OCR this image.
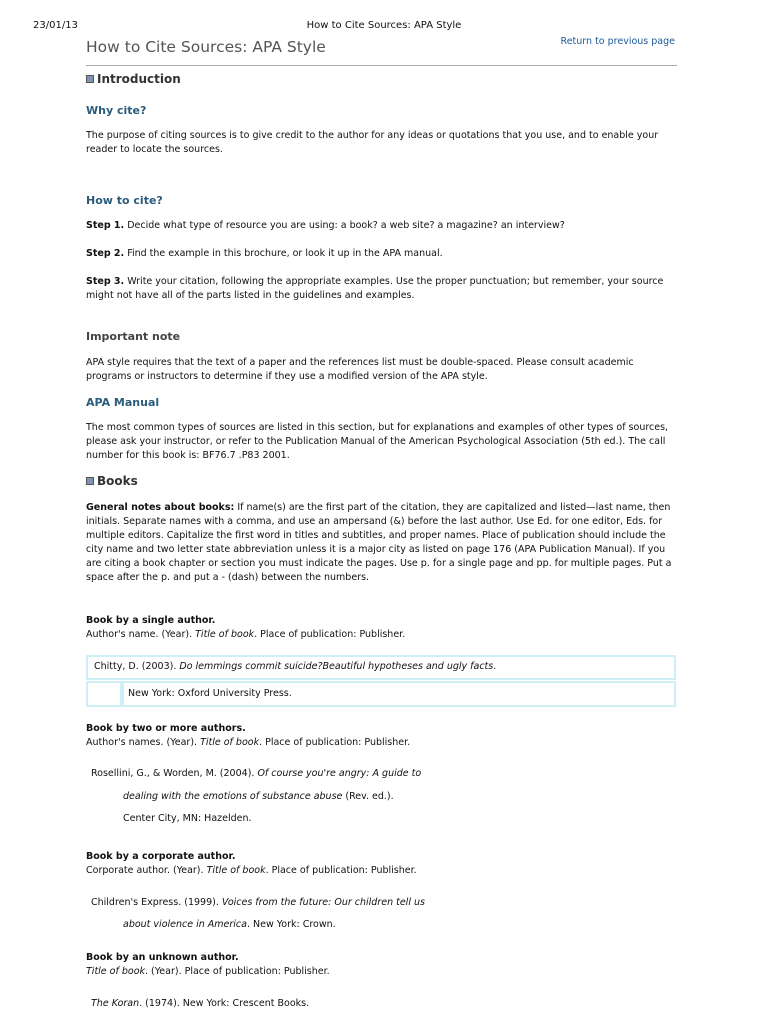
23/01/13	How to Cite Sources: APA Style
How to Cite Sources: APA Style	Return to previous page
Introduction
Why cite?
The purpose of citing sources is to give credit to the author for any ideas or quotations that you use, and to enable your reader to locate the sources.
How to cite?
Step 1. Decide what type of resource you are using: a book? a web site? a magazine? an interview?
Step 2. Find the example in this brochure, or look it up in the APA manual.
Step 3. Write your citation, following the appropriate examples. Use the proper punctuation; but remember, your source might not have all of the parts listed in the guidelines and examples.
Important note
APA style requires that the text of a paper and the references list must be double-spaced. Please consult academic programs or instructors to determine if they use a modified version of the APA style.
APA Manual
The most common types of sources are listed in this section, but for explanations and examples of other types of sources, please ask your instructor, or refer to the Publication Manual of the American Psychological Association (5th ed.). The call number for this book is: BF76.7 .P83 2001.
Books
General notes about books: If name(s) are the first part of the citation, they are capitalized and listed—last name, then initials. Separate names with a comma, and use an ampersand (&) before the last author. Use Ed. for one editor, Eds. for multiple editors. Capitalize the first word in titles and subtitles, and proper names. Place of publication should include the city name and two letter state abbreviation unless it is a major city as listed on page 176 (APA Publication Manual). If you are citing a book chapter or section you must indicate the pages. Use p. for a single page and pp. for multiple pages. Put a space after the p. and put a - (dash) between the numbers.
Book by a single author.
Author's name. (Year). Title of book. Place of publication: Publisher.
Chitty, D. (2003). Do lemmings commit suicide?Beautiful hypotheses and ugly facts.
New York: Oxford University Press.
Book by two or more authors.
Author's names. (Year). Title of book. Place of publication: Publisher.
Rosellini, G., & Worden, M. (2004). Of course you're angry: A guide to
dealing with the emotions of substance abuse (Rev. ed.).
Center City, MN: Hazelden.
Book by a corporate author.
Corporate author. (Year). Title of book. Place of publication: Publisher.
Children's Express. (1999). Voices from the future: Our children tell us
about violence in America. New York: Crown.
Book by an unknown author.
Title of book. (Year). Place of publication: Publisher.
The Koran. (1974). New York: Crescent Books.
